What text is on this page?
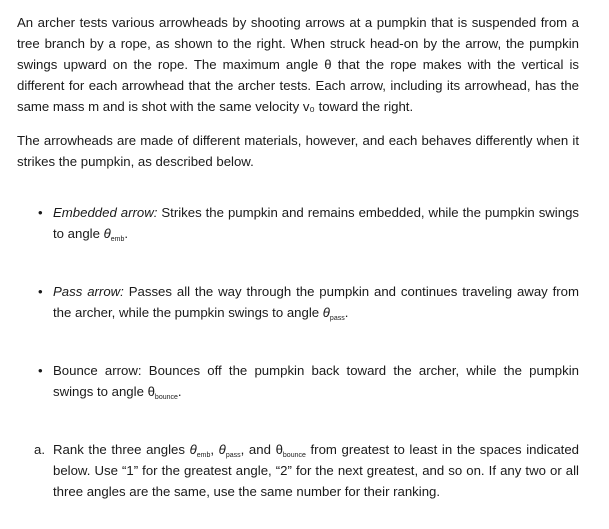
An archer tests various arrowheads by shooting arrows at a pumpkin that is suspended from a tree branch by a rope, as shown to the right. When struck head-on by the arrow, the pumpkin swings upward on the rope. The maximum angle θ that the rope makes with the vertical is different for each arrowhead that the archer tests. Each arrow, including its arrowhead, has the same mass m and is shot with the same velocity v₀ toward the right.

The arrowheads are made of different materials, however, and each behaves differently when it strikes the pumpkin, as described below.

• Embedded arrow: Strikes the pumpkin and remains embedded, while the pumpkin swings to angle $\theta_{emb}$.
• Pass arrow: Passes all the way through the pumpkin and continues traveling away from the archer, while the pumpkin swings to angle $\theta_{pass}$.
• Bounce arrow: Bounces off the pumpkin back toward the archer, while the pumpkin swings to angle $\theta_{bounce}$.

a. Rank the three angles $\theta_{emb}$, $\theta_{pass}$, and $\theta_{bounce}$ from greatest to least in the spaces indicated below. Use “1” for the greatest angle, “2” for the next greatest, and so on. If any two or all three angles are the same, use the same number for their ranking.
